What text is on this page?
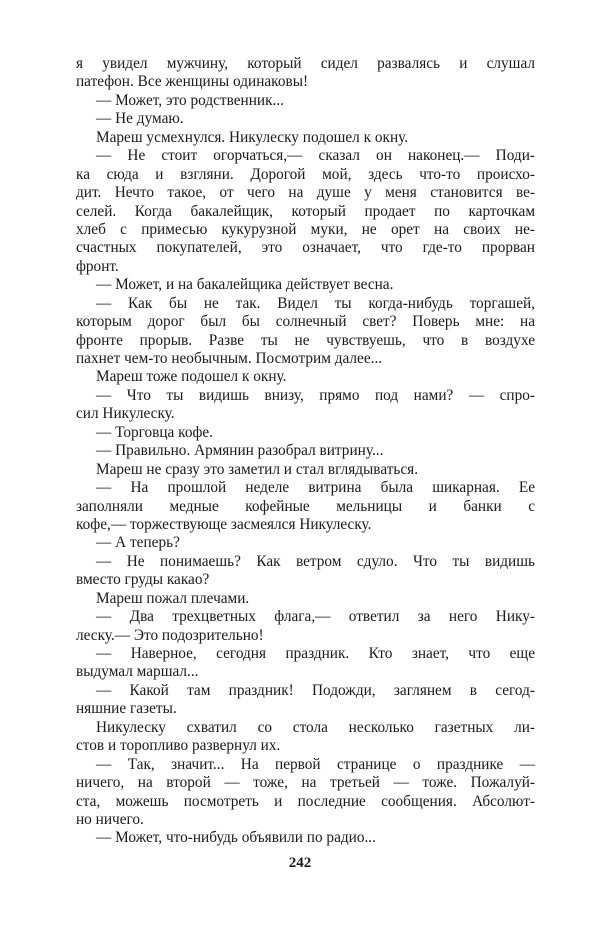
я увидел мужчину, который сидел развалясь и слушал
патефон. Все женщины одинаковы!
— Может, это родственник...
— Не думаю.
Мареш усмехнулся. Никулеску подошел к окну.
— Не стоит огорчаться,— сказал он наконец.— Поди-
ка сюда и взгляни. Дорогой мой, здесь что-то происхо-
дит. Нечто такое, от чего на душе у меня становится ве-
селей. Когда бакалейщик, который продает по карточкам
хлеб с примесью кукурузной муки, не орет на своих не-
счастных покупателей, это означает, что где-то прорван
фронт.
— Может, и на бакалейщика действует весна.
— Как бы не так. Видел ты когда-нибудь торгашей,
которым дорог был бы солнечный свет? Поверь мне: на
фронте прорыв. Разве ты не чувствуешь, что в воздухе
пахнет чем-то необычным. Посмотрим далее...
Мареш тоже подошел к окну.
— Что ты видишь внизу, прямо под нами? — спро-
сил Никулеску.
— Торговца кофе.
— Правильно. Армянин разобрал витрину...
Мареш не сразу это заметил и стал вглядываться.
— На прошлой неделе витрина была шикарная. Ее
заполняли медные кофейные мельницы и банки с
кофе,— торжествующе засмеялся Никулеску.
— А теперь?
— Не понимаешь? Как ветром сдуло. Что ты видишь
вместо груды какао?
Мареш пожал плечами.
— Два трехцветных флага,— ответил за него Нику-
леску.— Это подозрительно!
— Наверное, сегодня праздник. Кто знает, что еще
выдумал маршал...
— Какой там праздник! Подожди, заглянем в сегод-
няшние газеты.
Никулеску схватил со стола несколько газетных ли-
стов и торопливо развернул их.
— Так, значит... На первой странице о празднике —
ничего, на второй — тоже, на третьей — тоже. Пожалуй-
ста, можешь посмотреть и последние сообщения. Абсолют-
но ничего.
— Может, что-нибудь объявили по радио...
242
